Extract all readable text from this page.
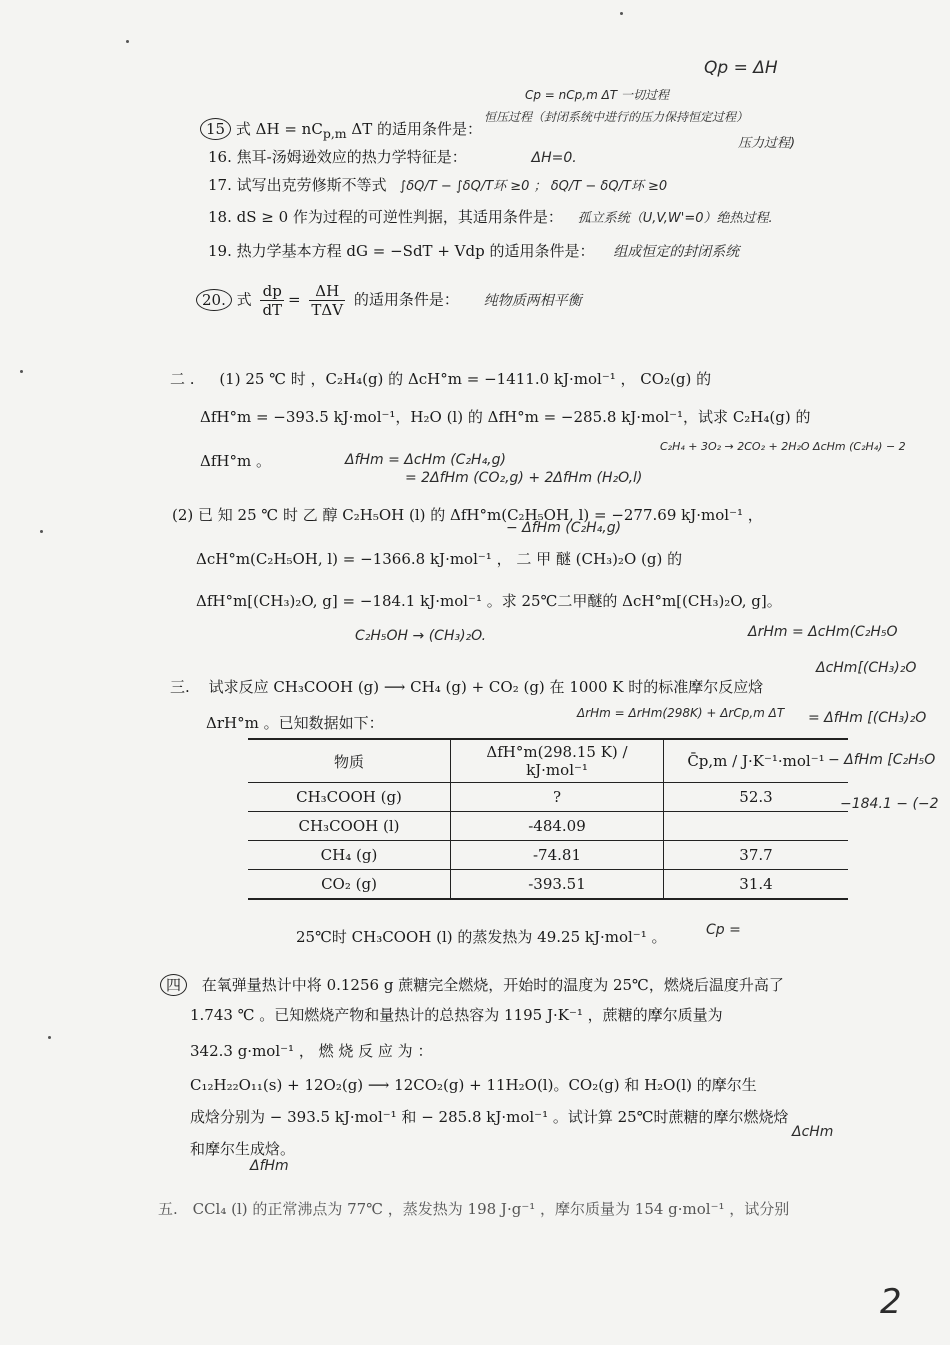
Qp = ΔH
Cp = nCp,m ΔT 一切过程
15 式 $\Delta H = nC_{p,m}$ ΔT 的适用条件是：
恒压过程（封闭系统中进行的压力保持恒定过程）
压力过程)
16. 焦耳-汤姆逊效应的热力学特征是：	ΔH=0.
17. 试写出克劳修斯不等式 ∫δQ/T − ∫δQ/T环 ≥0 ； δQ/T − δQ/T环 ≥0
18. dS ≥ 0 作为过程的可逆性判据，其适用条件是： 孤立系统（U,V,W'=0）绝热过程.
19. 热力学基本方程 dG = −SdT + Vdp 的适用条件是： 组成恒定的封闭系统
20. 式 $\frac{dp}{dT} = \frac{\Delta H}{\text{TΔV}}$ 的适用条件是： 纯物质两相平衡
二 . (1) 25 ℃ 时 ，C₂H₄(g) 的 ΔcH°m = −1411.0 kJ·mol⁻¹ ， CO₂(g) 的
ΔfH°m = −393.5 kJ·mol⁻¹，H₂O (l) 的 ΔfH°m = −285.8 kJ·mol⁻¹，试求 C₂H₄(g) 的
ΔfH°m 。	ΔfHm = ΔcHm (C₂H₄,g)
= 2ΔfHm (CO₂,g) + 2ΔfHm (H₂O,l)
C₂H₄ + 3O₂ → 2CO₂ + 2H₂O ΔcHm (C₂H₄) − 2
(2) 已 知 25 ℃ 时 乙 醇 C₂H₅OH (l) 的 ΔfH°m(C₂H₅OH, l) = −277.69 kJ·mol⁻¹ ，
− ΔfHm (C₂H₄,g)
ΔcH°m(C₂H₅OH, l) = −1366.8 kJ·mol⁻¹ ， 二 甲 醚 (CH₃)₂O (g) 的
ΔfH°m[(CH₃)₂O, g] = −184.1 kJ·mol⁻¹ 。求 25℃二甲醚的 ΔcH°m[(CH₃)₂O, g]。
C₂H₅OH → (CH₃)₂O.	ΔrHm = ΔcHm(C₂H₅O
ΔcHm[(CH₃)₂O
三. 试求反应 CH₃COOH (g) ⟶ CH₄ (g) + CO₂ (g) 在 1000 K 时的标准摩尔反应焓
ΔrH°m 。已知数据如下：
ΔrHm = ΔrHm(298K) + ΔrCp,m ΔT = ΔfHm [(CH₃)₂O
− ΔfHm [C₂H₅O
−184.1 − (−2
物质	ΔfH°m(298.15 K) / kJ·mol⁻¹	C̄p,m / J·K⁻¹·mol⁻¹
CH₃COOH (g)	?	52.3
CH₃COOH (l)	-484.09	
CH₄ (g)	-74.81	37.7
CO₂ (g)	-393.51	31.4
25℃时 CH₃COOH (l) 的蒸发热为 49.25 kJ·mol⁻¹ 。	Cp =
四 在氧弹量热计中将 0.1256 g 蔗糖完全燃烧，开始时的温度为 25℃，燃烧后温度升高了
1.743 ℃ 。已知燃烧产物和量热计的总热容为 1195 J·K⁻¹ ，蔗糖的摩尔质量为
342.3 g·mol⁻¹ ， 燃 烧 反 应 为 ：
C₁₂H₂₂O₁₁(s) + 12O₂(g) ⟶ 12CO₂(g) + 11H₂O(l)。CO₂(g) 和 H₂O(l) 的摩尔生
成焓分别为 − 393.5 kJ·mol⁻¹ 和 − 285.8 kJ·mol⁻¹ 。试计算 25℃时蔗糖的摩尔燃烧焓
和摩尔生成焓。
ΔcHm
ΔfHm
五. CCl₄ (l) 的正常沸点为 77℃ ，蒸发热为 198 J·g⁻¹ ，摩尔质量为 154 g·mol⁻¹ ，试分别
2
